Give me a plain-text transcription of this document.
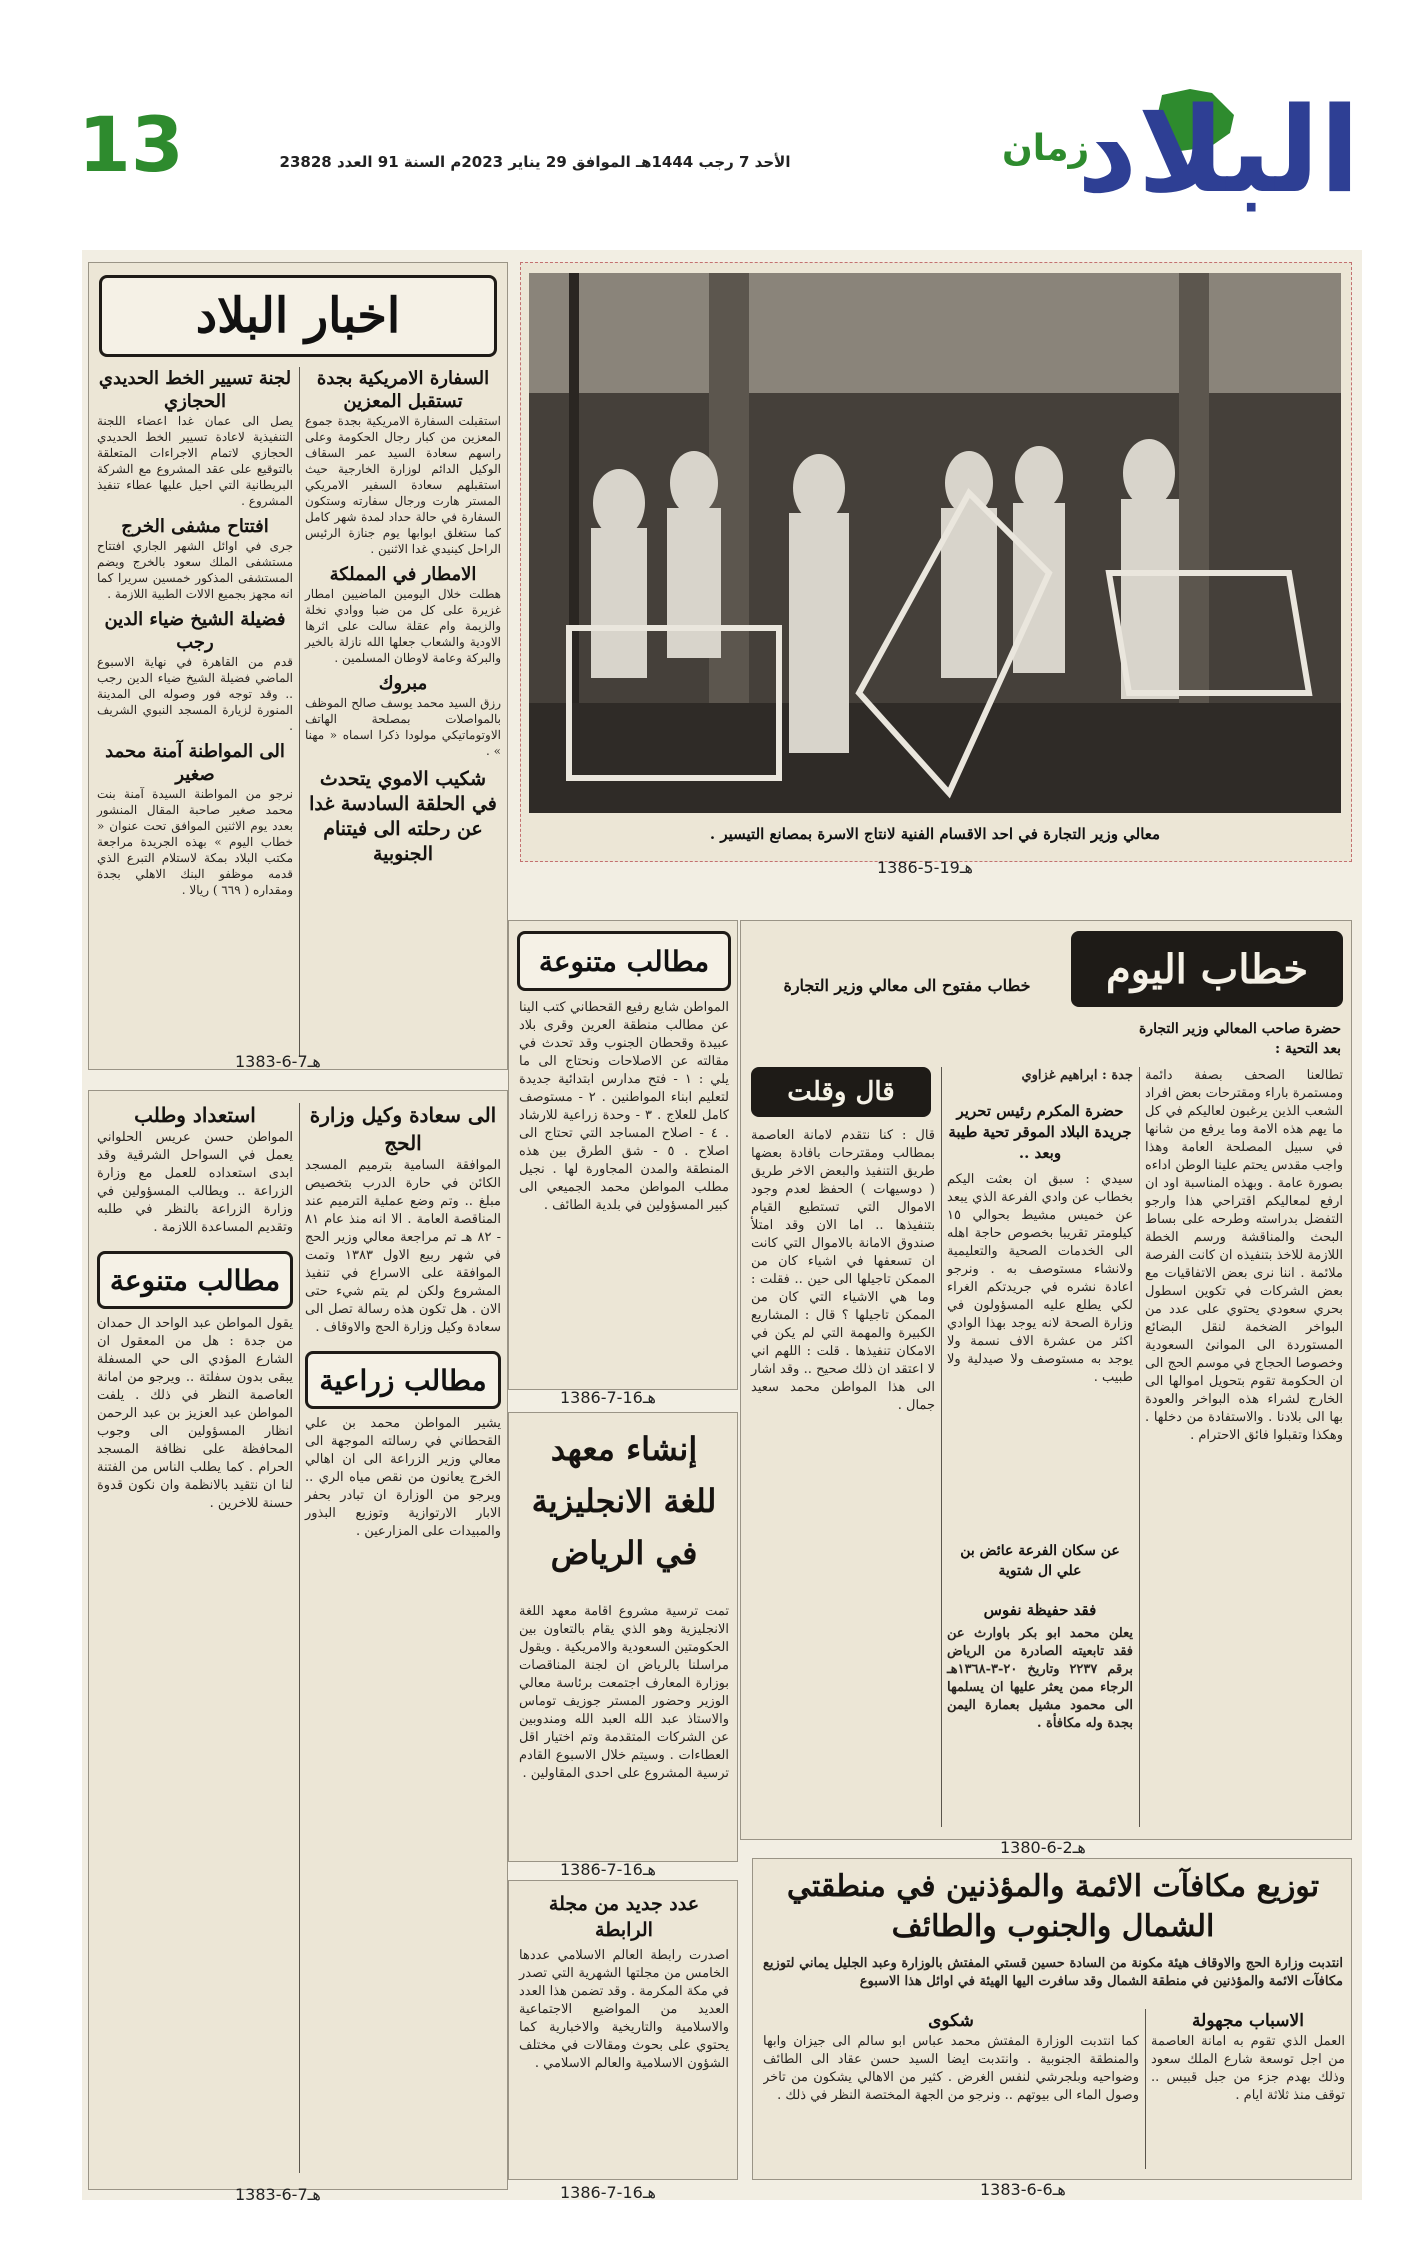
البلاد
زمان
13	الأحد 7 رجب 1444هـ الموافق 29 يناير 2023م السنة 91 العدد 23828
اخبار البلاد
السفارة الامريكية بجدة تستقبل المعزين
استقبلت السفارة الامريكية بجدة جموع المعزين من كبار رجال الحكومة وعلى راسهم سعادة السيد عمر السقاف الوكيل الدائم لوزارة الخارجية حيث استقبلهم سعادة السفير الامريكي المستر هارت ورجال سفارته وستكون السفارة في حالة حداد لمدة شهر كامل كما ستغلق ابوابها يوم جنازة الرئيس الراحل كينيدي غدا الاثنين .
الامطار في المملكة
هطلت خلال اليومين الماضيين امطار غزيرة على كل من ضبا ووادي نخلة والزيمة وام عقلة سالت على اثرها الاودية والشعاب جعلها الله نازلة بالخير والبركة وعامة لاوطان المسلمين .
مبروك
رزق السيد محمد يوسف صالح الموظف بالمواصلات بمصلحة الهاتف الاوتوماتيكي مولودا ذكرا اسماه « مهنا » .
شكيب الاموي يتحدث في الحلقة السادسة غدا عن رحلته الى فيتنام الجنوبية
لجنة تسيير الخط الحديدي الحجازي
يصل الى عمان غدا اعضاء اللجنة التنفيذية لاعادة تسيير الخط الحديدي الحجازي لاتمام الاجراءات المتعلقة بالتوقيع على عقد المشروع مع الشركة البريطانية التي احيل عليها عطاء تنفيذ المشروع .
افتتاح مشفى الخرج
جرى في اوائل الشهر الجاري افتتاح مستشفى الملك سعود بالخرج ويضم المستشفى المذكور خمسين سريرا كما انه مجهز بجميع الالات الطبية اللازمة .
فضيلة الشيخ ضياء الدين رجب
قدم من القاهرة في نهاية الاسبوع الماضي فضيلة الشيخ ضياء الدين رجب .. وقد توجه فور وصوله الى المدينة المنورة لزيارة المسجد النبوي الشريف .
الى المواطنة آمنة محمد صغير
نرجو من المواطنة السيدة آمنة بنت محمد صغير صاحبة المقال المنشور بعدد يوم الاثنين الموافق تحت عنوان « خطاب اليوم » بهذه الجريدة مراجعة مكتب البلاد بمكة لاستلام التبرع الذي قدمه موظفو البنك الاهلي بجدة ومقداره ( ٦٦٩ ) ريالا .
1383-6-7هـ
معالي وزير التجارة في احد الاقسام الفنية لانتاج الاسرة بمصانع التيسير .
1386-5-19هـ
الى سعادة وكيل وزارة الحج
الموافقة السامية بترميم المسجد الكائن في حارة الدرب بتخصيص مبلغ .. وتم وضع عملية الترميم عند المناقصة العامة . الا انه منذ عام ٨١ - ٨٢ هـ تم مراجعة معالي وزير الحج في شهر ربيع الاول ١٣٨٣ وتمت الموافقة على الاسراع في تنفيذ المشروع ولكن لم يتم شيء حتى الان . هل تكون هذه رسالة تصل الى سعادة وكيل وزارة الحج والاوقاف .
مطالب زراعية
يشير المواطن محمد بن علي القحطاني في رسالته الموجهة الى معالي وزير الزراعة الى ان اهالي الخرج يعانون من نقص مياه الري .. ويرجو من الوزارة ان تبادر بحفر الابار الارتوازية وتوزيع البذور والمبيدات على المزارعين .
استعداد وطلب
المواطن حسن عريس الحلواني يعمل في السواحل الشرقية وقد ابدى استعداده للعمل مع وزارة الزراعة .. ويطالب المسؤولين في وزارة الزراعة بالنظر في طلبه وتقديم المساعدة اللازمة .
مطالب متنوعة
يقول المواطن عبد الواحد ال حمدان من جدة : هل من المعقول ان الشارع المؤدي الى حي المسفلة يبقى بدون سفلتة .. ويرجو من امانة العاصمة النظر في ذلك . يلفت المواطن عبد العزيز بن عبد الرحمن انظار المسؤولين الى وجوب المحافظة على نظافة المسجد الحرام . كما يطلب الناس من الفتنة لنا ان نتقيد بالانظمة وان نكون قدوة حسنة للاخرين .
1383-6-7هـ
مطالب متنوعة
المواطن شايع رفيع القحطاني كتب الينا عن مطالب منطقة العرين وقرى بلاد عبيدة وقحطان الجنوب وقد تحدث في مقالته عن الاصلاحات ونحتاج الى ما يلي : ١ - فتح مدارس ابتدائية جديدة لتعليم ابناء المواطنين . ٢ - مستوصف كامل للعلاج . ٣ - وحدة زراعية للارشاد . ٤ - اصلاح المساجد التي تحتاج الى اصلاح . ٥ - شق الطرق بين هذه المنطقة والمدن المجاورة لها . نجيل مطلب المواطن محمد الجميعي الى كبير المسؤولين في بلدية الطائف .
1386-7-16هـ
إنشاء معهد للغة الانجليزية في الرياض
تمت ترسية مشروع اقامة معهد اللغة الانجليزية وهو الذي يقام بالتعاون بين الحكومتين السعودية والامريكية . ويقول مراسلنا بالرياض ان لجنة المناقصات بوزارة المعارف اجتمعت برئاسة معالي الوزير وحضور المستر جوزيف توماس والاستاذ عبد الله العبد الله ومندوبين عن الشركات المتقدمة وتم اختيار اقل العطاءات . وسيتم خلال الاسبوع القادم ترسية المشروع على احدى المقاولين .
1386-7-16هـ
عدد جديد من مجلة الرابطة
اصدرت رابطة العالم الاسلامي عددها الخامس من مجلتها الشهرية التي تصدر في مكة المكرمة . وقد تضمن هذا العدد العديد من المواضيع الاجتماعية والاسلامية والتاريخية والاخبارية كما يحتوي على بحوث ومقالات في مختلف الشؤون الاسلامية والعالم الاسلامي .
1386-7-16هـ
خطاب اليوم
خطاب مفتوح الى معالي وزير التجارة
حضرة صاحب المعالي وزير التجارة
بعد التحية :
تطالعنا الصحف بصفة دائمة ومستمرة باراء ومقترحات بعض افراد الشعب الذين يرغبون لعاليكم في كل ما يهم هذه الامة وما يرفع من شانها في سبيل المصلحة العامة وهذا واجب مقدس يحتم علينا الوطن اداءه بصورة عامة . وبهذه المناسبة اود ان ارفع لمعاليكم اقتراحي هذا وارجو التفضل بدراسته وطرحه على بساط البحث والمناقشة ورسم الخطة اللازمة للاخذ بتنفيذه ان كانت الفرصة ملائمة . اننا نرى بعض الاتفاقيات مع بعض الشركات في تكوين اسطول بحري سعودي يحتوي على عدد من البواخر الضخمة لنقل البضائع المستوردة الى الموانئ السعودية وخصوصا الحجاج في موسم الحج الى ان الحكومة تقوم بتحويل اموالها الى الخارج لشراء هذه البواخر والعودة بها الى بلادنا . والاستفادة من دخلها . وهكذا وتقبلوا فائق الاحترام .
جدة : ابراهيم غزاوي
حضرة المكرم رئيس تحرير جريدة البلاد الموقر تحية طيبة وبعد ..
سيدي : سبق ان بعثت اليكم بخطاب عن وادي الفرعة الذي يبعد عن خميس مشيط بحوالي ١٥ كيلومتر تقريبا بخصوص حاجة اهله الى الخدمات الصحية والتعليمية ولانشاء مستوصف به . ونرجو اعادة نشره في جريدتكم الغراء لكي يطلع عليه المسؤولون في وزارة الصحة لانه يوجد بهذا الوادي اكثر من عشرة الاف نسمة ولا يوجد به مستوصف ولا صيدلية ولا طبيب .
عن سكان الفرعة عائض بن علي ال شتوية
فقد حفيظة نفوس
يعلن محمد ابو بكر باوارث عن فقد تابعيته الصادرة من الرياض برقم ٢٢٣٧ وتاريخ ٢٠-٣-١٣٦٨هـ الرجاء ممن يعثر عليها ان يسلمها الى محمود مشيل بعمارة اليمن بجدة وله مكافأة .
قال وقلت
قال : كنا نتقدم لامانة العاصمة بمطالب ومقترحات بافادة بعضها طريق التنفيذ والبعض الاخر طريق ( دوسيهات ) الحفظ لعدم وجود الاموال التي تستطيع القيام بتنفيذها .. اما الان وقد امتلأ صندوق الامانة بالاموال التي كانت ان تسعفها في اشياء كان من الممكن تاجيلها الى حين .. فقلت : وما هي الاشياء التي كان من الممكن تاجيلها ؟ قال : المشاريع الكبيرة والمهمة التي لم يكن في الامكان تنفيذها . قلت : اللهم اني لا اعتقد ان ذلك صحيح .. وقد اشار الى هذا المواطن محمد سعيد جمال .
1380-6-2هـ
توزيع مكافآت الائمة والمؤذنين في منطقتي الشمال والجنوب والطائف
انتدبت وزارة الحج والاوقاف هيئة مكونة من السادة حسين قستي المفتش بالوزارة وعبد الجليل يماني لتوزيع مكافآت الائمة والمؤذنين في منطقة الشمال وقد سافرت اليها الهيئة في اوائل هذا الاسبوع
الاسباب مجهولة
العمل الذي تقوم به امانة العاصمة من اجل توسعة شارع الملك سعود وذلك بهدم جزء من جبل قبيس .. توقف منذ ثلاثة ايام .
شكوى
كما انتدبت الوزارة المفتش محمد عباس ابو سالم الى جيزان وابها والمنطقة الجنوبية . وانتدبت ايضا السيد حسن عقاد الى الطائف وضواحيه وبلجرشي لنفس الغرض . كثير من الاهالي يشكون من تاخر وصول الماء الى بيوتهم .. ونرجو من الجهة المختصة النظر في ذلك .
1383-6-6هـ
